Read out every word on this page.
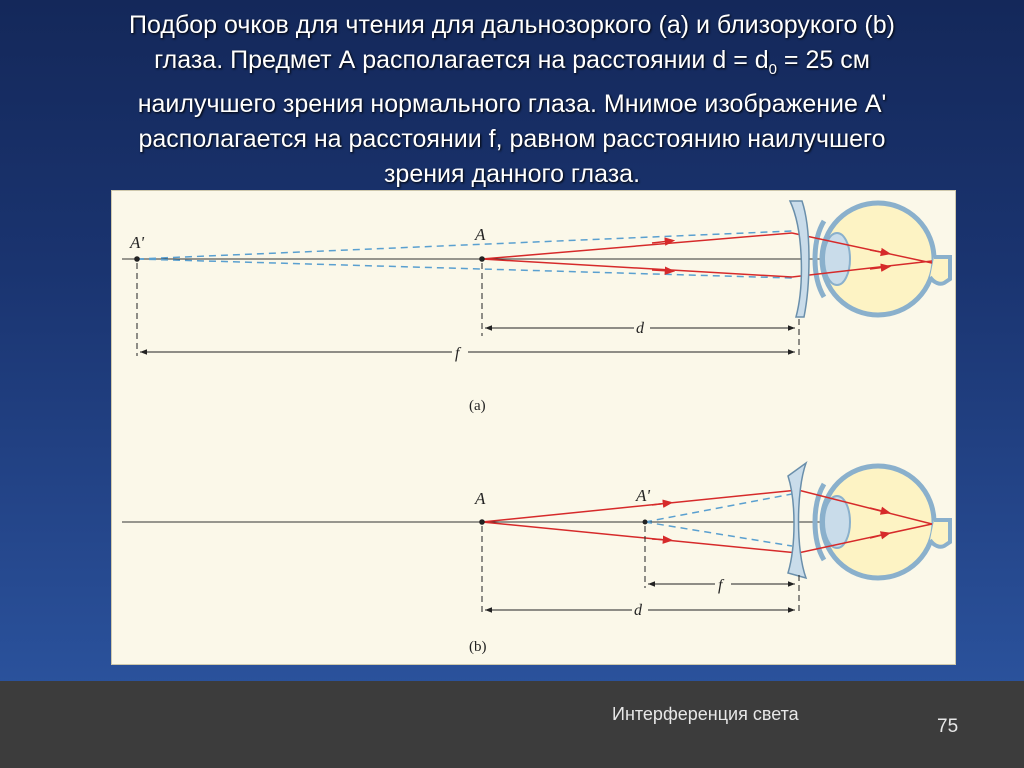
Подбор очков для чтения для дальнозоркого (a) и близорукого (b)
глаза. Предмет А располагается на расстоянии $d = d_0 = 25$ см
наилучшего зрения нормального глаза. Мнимое изображение A'
располагается на расстоянии f, равном расстоянию наилучшего
зрения данного глаза.
A'	A
d
f
(a)
A	A'
f
d
(b)
Интерференция света
75
